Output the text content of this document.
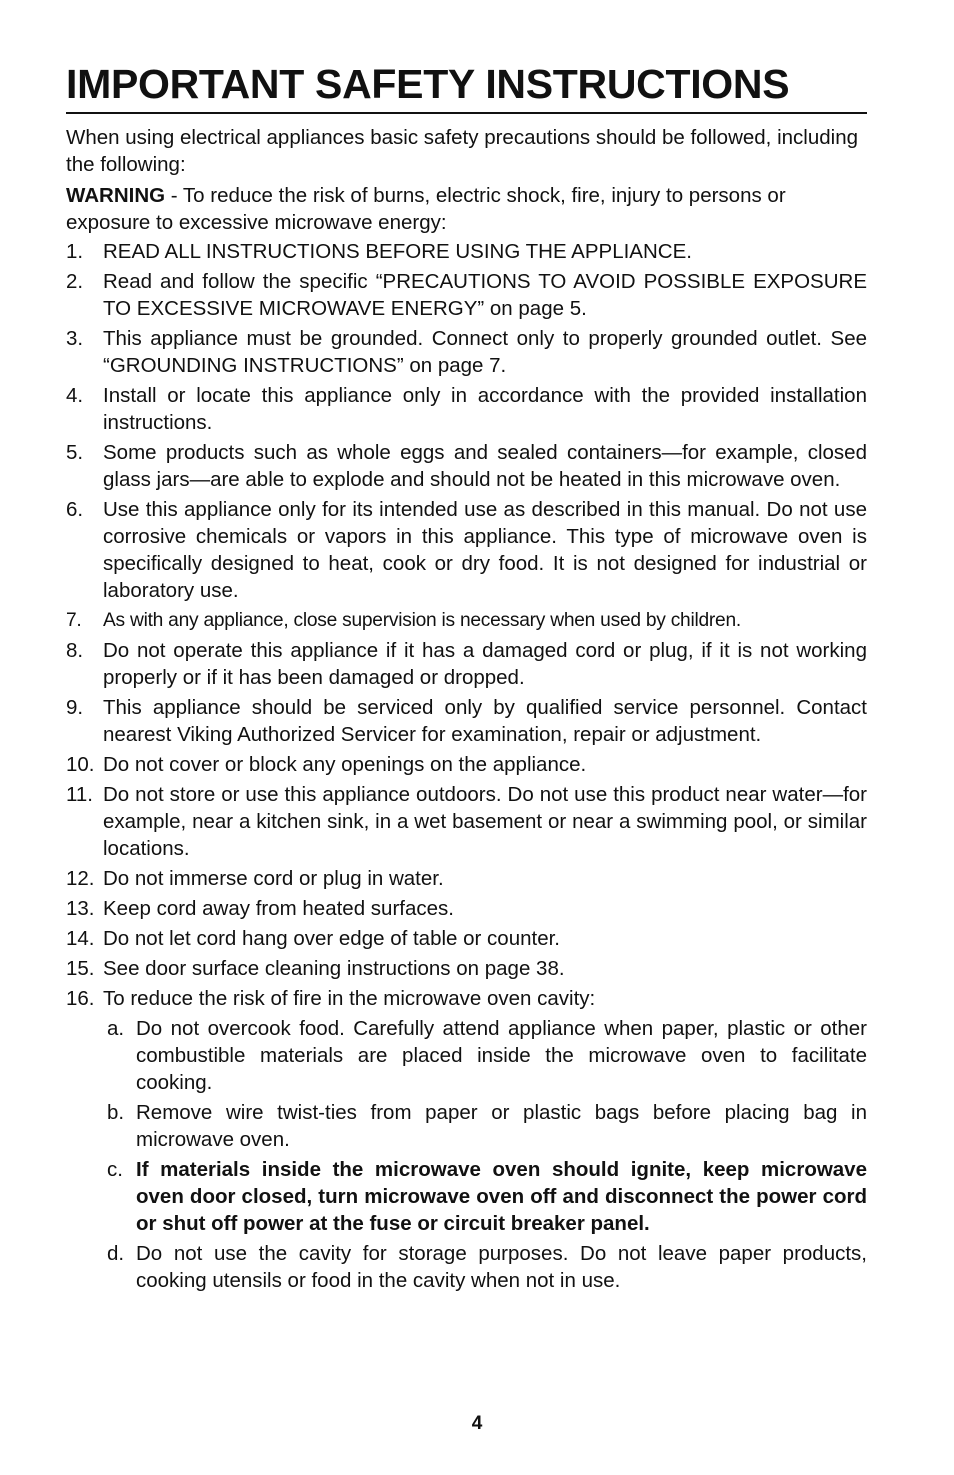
IMPORTANT SAFETY INSTRUCTIONS
When using electrical appliances basic safety precautions should be followed, including the following:
WARNING - To reduce the risk of burns, electric shock, fire, injury to persons or exposure to excessive microwave energy:
1. READ ALL INSTRUCTIONS BEFORE USING THE APPLIANCE.
2. Read and follow the specific “PRECAUTIONS TO AVOID POSSIBLE EXPOSURE TO EXCESSIVE MICROWAVE ENERGY” on page 5.
3. This appliance must be grounded. Connect only to properly grounded outlet. See “GROUNDING INSTRUCTIONS” on page 7.
4. Install or locate this appliance only in accordance with the provided installation instructions.
5. Some products such as whole eggs and sealed containers—for example, closed glass jars—are able to explode and should not be heated in this microwave oven.
6. Use this appliance only for its intended use as described in this manual. Do not use corrosive chemicals or vapors in this appliance. This type of microwave oven is specifically designed to heat, cook or dry food. It is not designed for industrial or laboratory use.
7. As with any appliance, close supervision is necessary when used by children.
8. Do not operate this appliance if it has a damaged cord or plug, if it is not working properly or if it has been damaged or dropped.
9. This appliance should be serviced only by qualified service personnel. Contact nearest Viking Authorized Servicer for examination, repair or adjustment.
10. Do not cover or block any openings on the appliance.
11. Do not store or use this appliance outdoors. Do not use this product near water—for example, near a kitchen sink, in a wet basement or near a swimming pool, or similar locations.
12. Do not immerse cord or plug in water.
13. Keep cord away from heated surfaces.
14. Do not let cord hang over edge of table or counter.
15. See door surface cleaning instructions on page 38.
16. To reduce the risk of fire in the microwave oven cavity:
a. Do not overcook food. Carefully attend appliance when paper, plastic or other combustible materials are placed inside the microwave oven to facilitate cooking.
b. Remove wire twist-ties from paper or plastic bags before placing bag in microwave oven.
c. If materials inside the microwave oven should ignite, keep microwave oven door closed, turn microwave oven off and disconnect the power cord or shut off power at the fuse or circuit breaker panel.
d. Do not use the cavity for storage purposes. Do not leave paper products, cooking utensils or food in the cavity when not in use.
4
